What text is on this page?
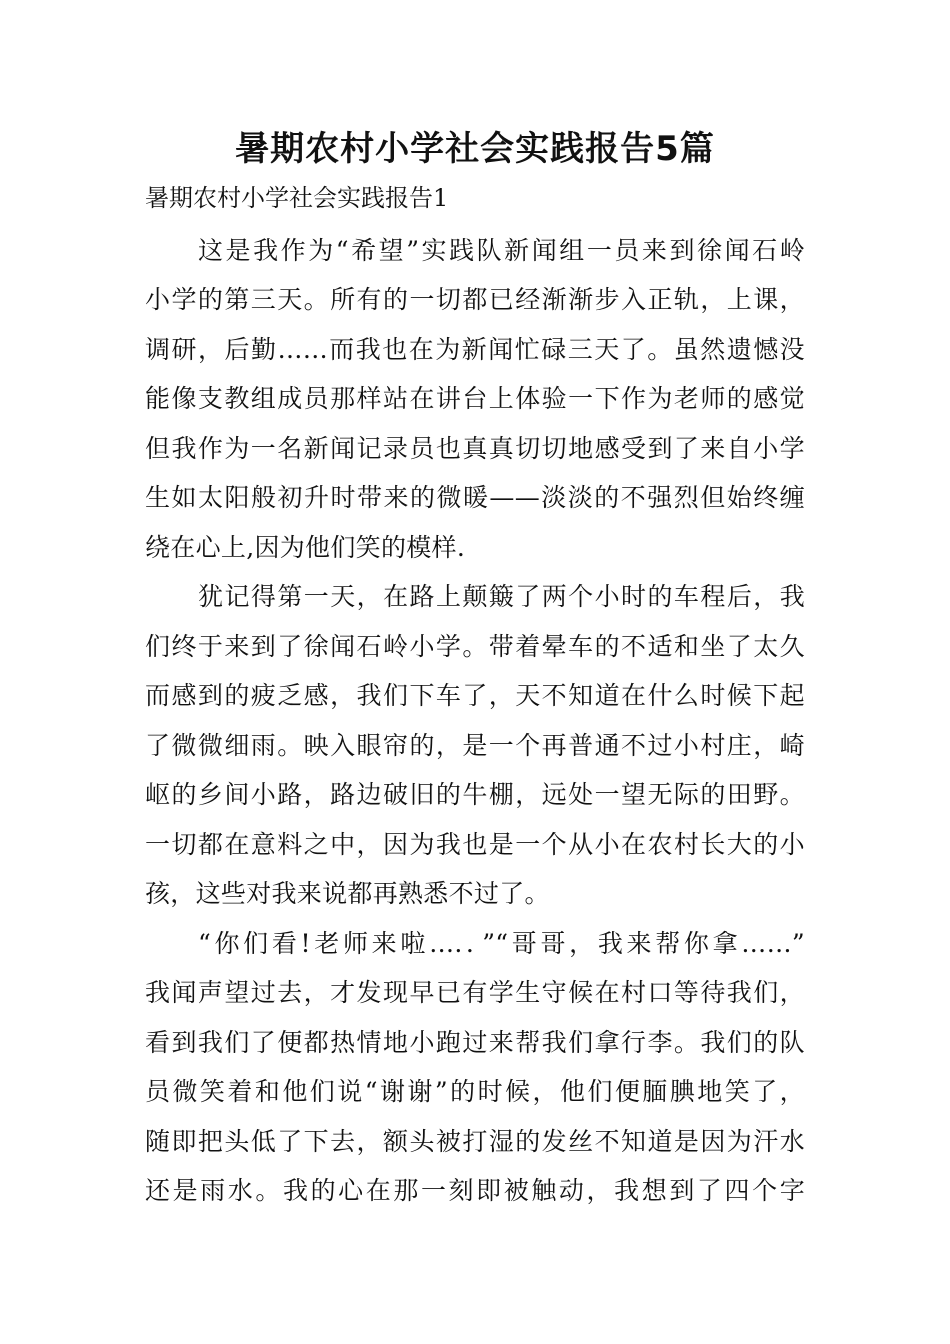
暑期农村小学社会实践报告5篇
暑期农村小学社会实践报告1
这是我作为“希望”实践队新闻组一员来到徐闻石岭
小学的第三天。所有的一切都已经渐渐步入正轨，上课，
调研，后勤……而我也在为新闻忙碌三天了。虽然遗憾没
能像支教组成员那样站在讲台上体验一下作为老师的感觉
但我作为一名新闻记录员也真真切切地感受到了来自小学
生如太阳般初升时带来的微暖——淡淡的不强烈但始终缠
绕在心上,因为他们笑的模样.
犹记得第一天，在路上颠簸了两个小时的车程后，我
们终于来到了徐闻石岭小学。带着晕车的不适和坐了太久
而感到的疲乏感，我们下车了，天不知道在什么时候下起
了微微细雨。映入眼帘的，是一个再普通不过小村庄，崎
岖的乡间小路，路边破旧的牛棚，远处一望无际的田野。
一切都在意料之中，因为我也是一个从小在农村长大的小
孩，这些对我来说都再熟悉不过了。
“你们看!老师来啦….．”“哥哥，我来帮你拿……”
我闻声望过去，才发现早已有学生守候在村口等待我们，
看到我们了便都热情地小跑过来帮我们拿行李。我们的队
员微笑着和他们说“谢谢”的时候，他们便腼腆地笑了，
随即把头低了下去，额头被打湿的发丝不知道是因为汗水
还是雨水。我的心在那一刻即被触动，我想到了四个字
